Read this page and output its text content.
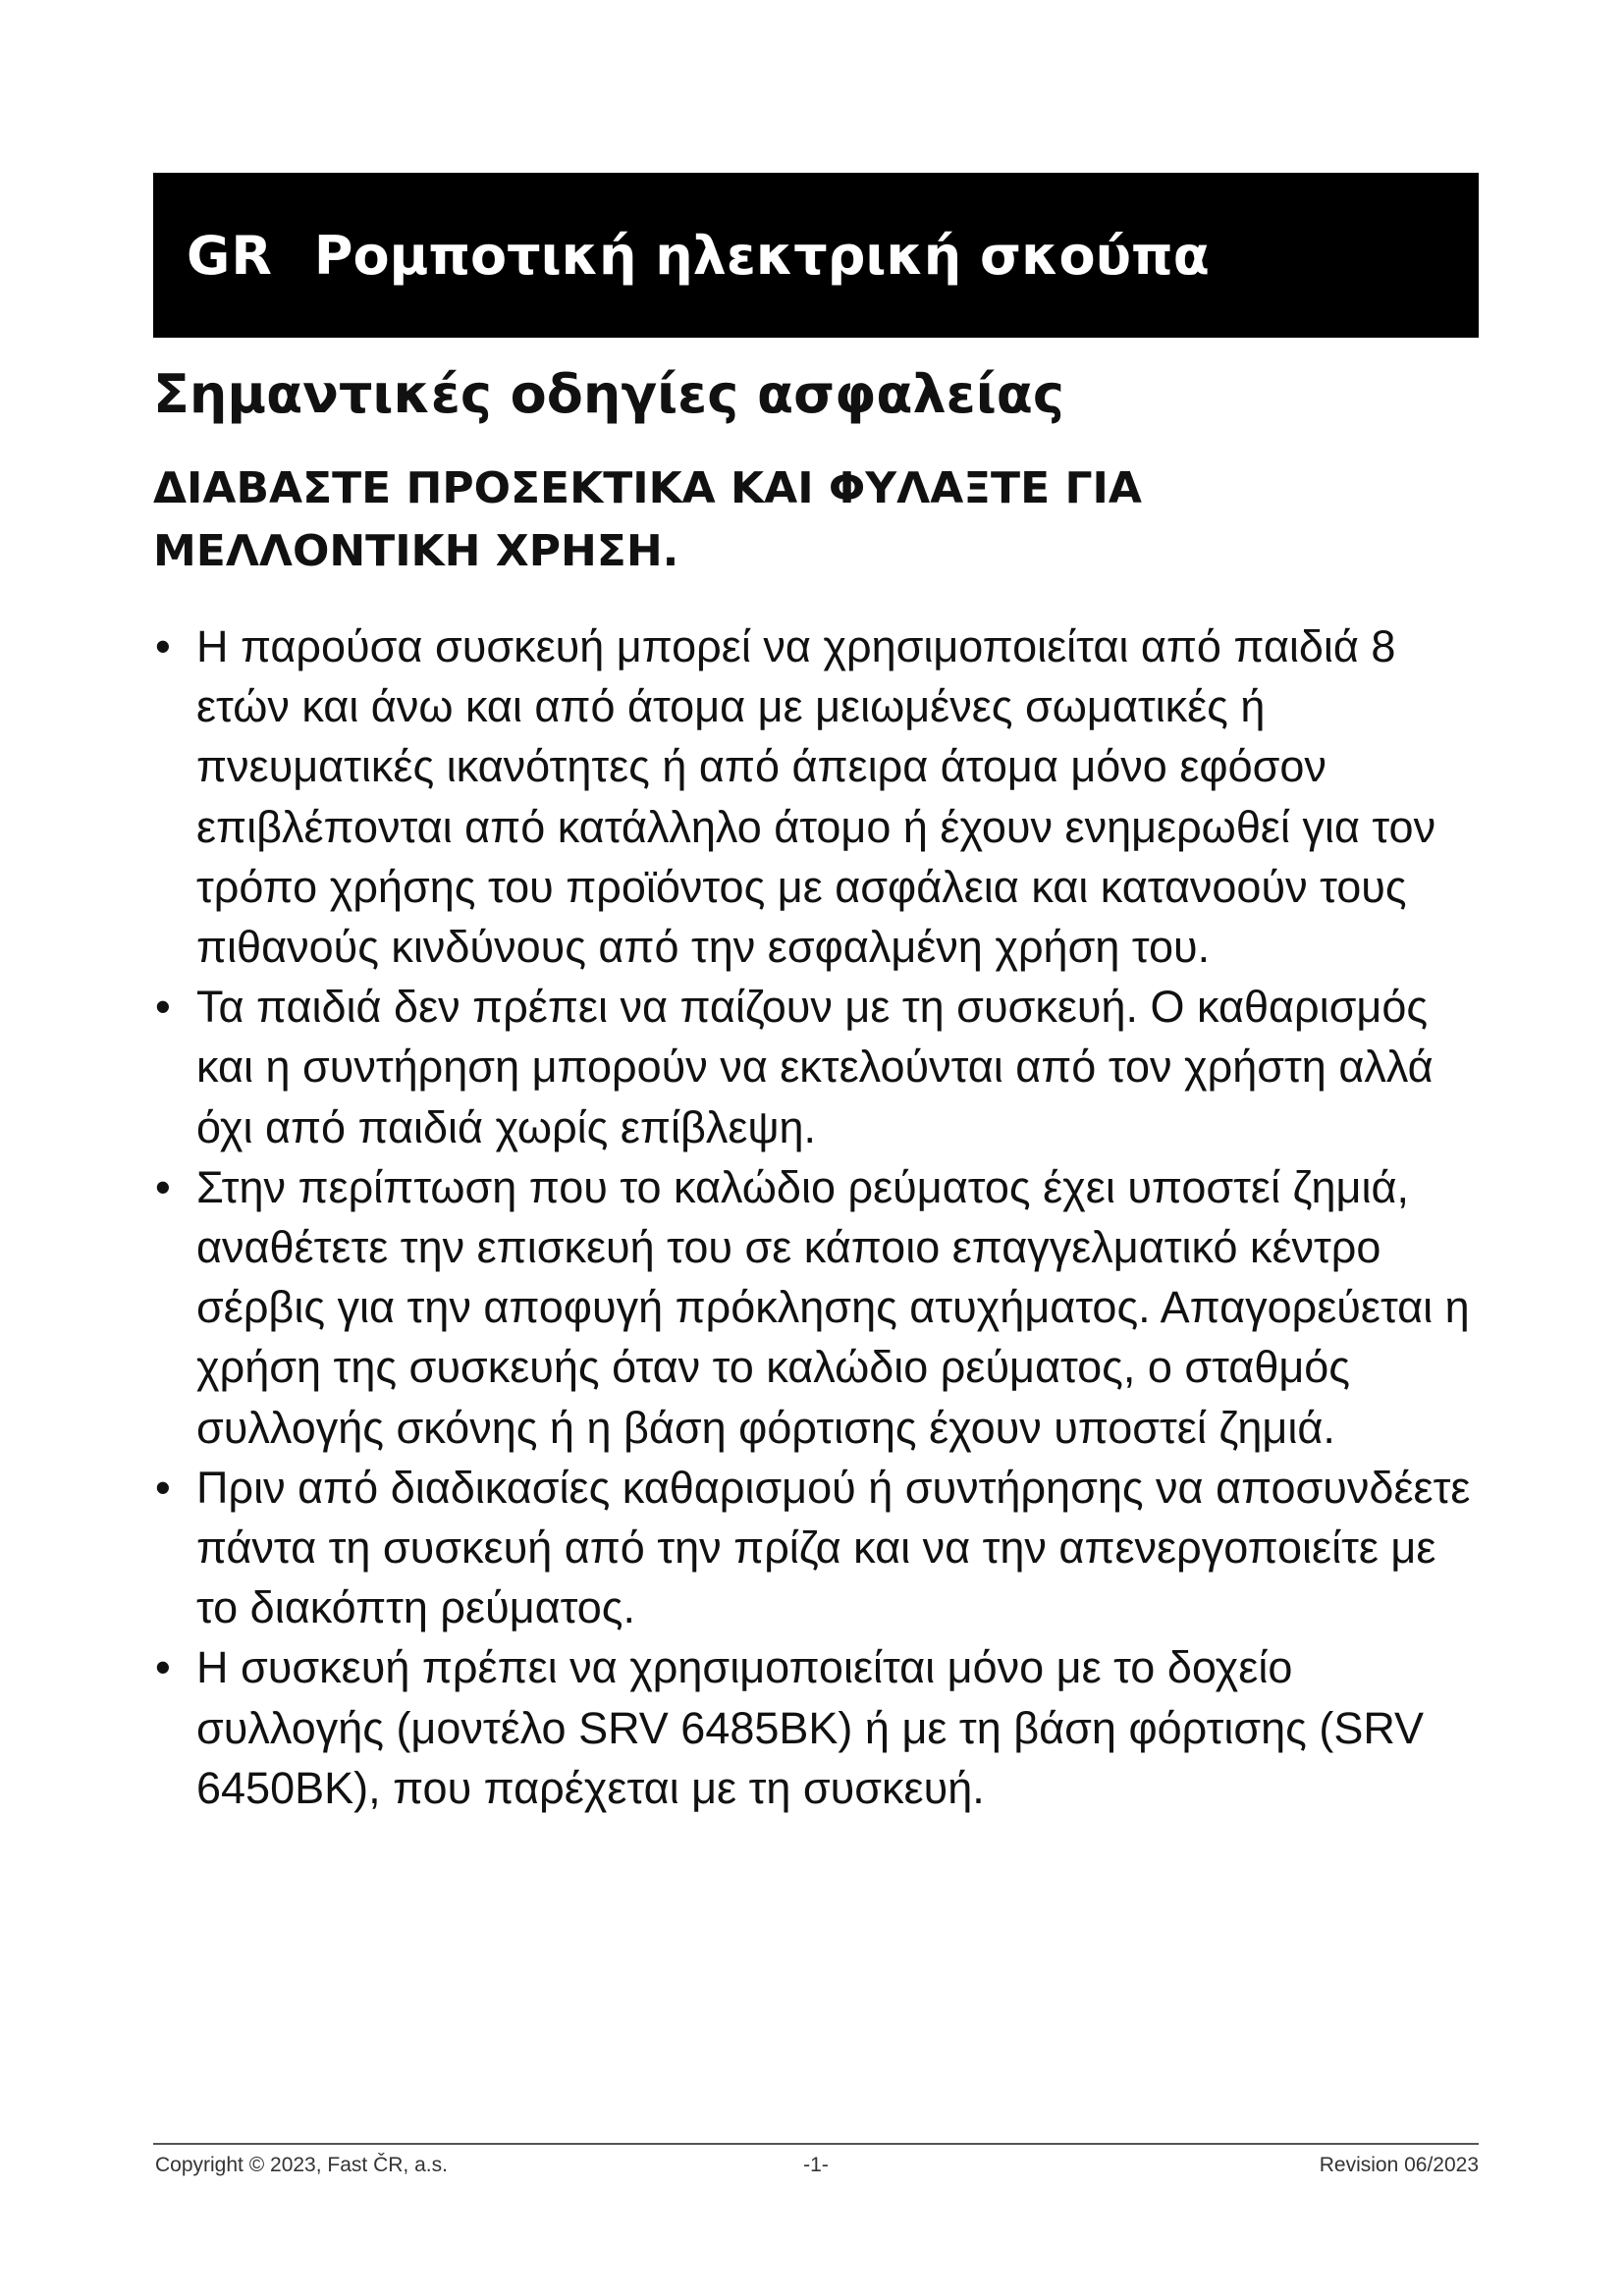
GR Ρομποτική ηλεκτρική σκούπα
Σημαντικές οδηγίες ασφαλείας

ΔΙΑΒΑΣΤΕ ΠΡΟΣΕΚΤΙΚΑ ΚΑΙ ΦΥΛΑΞΤΕ ΓΙΑ ΜΕΛΛΟΝΤΙΚΗ ΧΡΗΣΗ.

• Η παρούσα συσκευή μπορεί να χρησιμοποιείται από παιδιά 8 ετών και άνω και από άτομα με μειωμένες σωματικές ή πνευματικές ικανότητες ή από άπειρα άτομα μόνο εφόσον επιβλέπονται από κατάλληλο άτομο ή έχουν ενημερωθεί για τον τρόπο χρήσης του προϊόντος με ασφάλεια και κατανοούν τους πιθανούς κινδύνους από την εσφαλμένη χρήση του.
• Τα παιδιά δεν πρέπει να παίζουν με τη συσκευή. Ο καθαρισμός και η συντήρηση μπορούν να εκτελούνται από τον χρήστη αλλά όχι από παιδιά χωρίς επίβλεψη.
• Στην περίπτωση που το καλώδιο ρεύματος έχει υποστεί ζημιά, αναθέτετε την επισκευή του σε κάποιο επαγγελματικό κέντρο σέρβις για την αποφυγή πρόκλησης ατυχήματος. Απαγορεύεται η χρήση της συσκευής όταν το καλώδιο ρεύματος, ο σταθμός συλλογής σκόνης ή η βάση φόρτισης έχουν υποστεί ζημιά.
• Πριν από διαδικασίες καθαρισμού ή συντήρησης να αποσυνδέετε πάντα τη συσκευή από την πρίζα και να την απενεργοποιείτε με το διακόπτη ρεύματος.
• Η συσκευή πρέπει να χρησιμοποιείται μόνο με το δοχείο συλλογής (μοντέλο SRV 6485BK) ή με τη βάση φόρτισης (SRV 6450BK), που παρέχεται με τη συσκευή.
Copyright © 2023, Fast ČR, a.s.	-1-	Revision 06/2023
